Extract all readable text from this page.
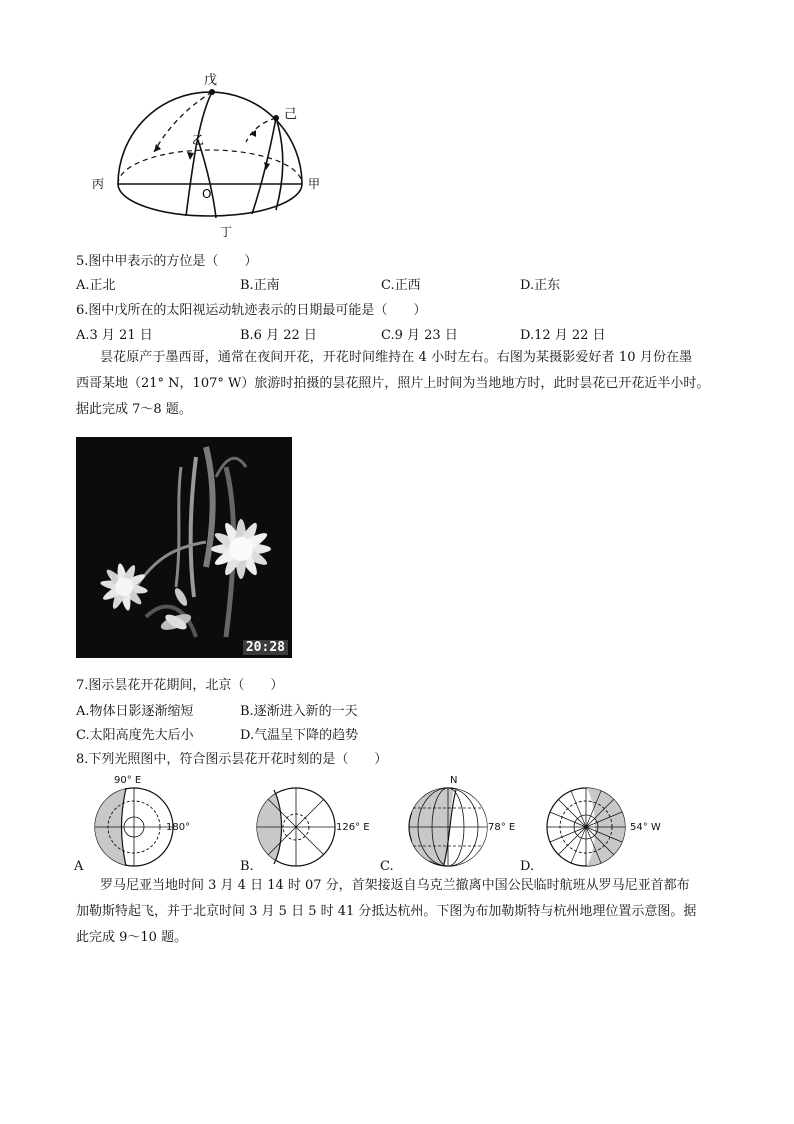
戊
己
乙
丙	甲
O
丁
5.图中甲表示的方位是（　　）
A.正北	B.正南	C.正西	D.正东
6.图中戊所在的太阳视运动轨迹表示的日期最可能是（　　）
A.3 月 21 日	B.6 月 22 日	C.9 月 23 日	D.12 月 22 日
昙花原产于墨西哥，通常在夜间开花，开花时间维持在 4 小时左右。右图为某摄影爱好者 10 月份在墨
西哥某地（21° N，107° W）旅游时拍摄的昙花照片，照片上时间为当地地方时，此时昙花已开花近半小时。
据此完成 7～8 题。
20:28
7.图示昙花开花期间，北京（　　）
A.物体日影逐渐缩短	B.逐渐进入新的一天
C.太阳高度先大后小	D.气温呈下降的趋势
8.下列光照图中，符合图示昙花开花时刻的是（　　）
90° E
180°
A
126° E
B.
N
78° E
C.
54° W
D.
罗马尼亚当地时间 3 月 4 日 14 时 07 分，首架接返自乌克兰撤离中国公民临时航班从罗马尼亚首都布
加勒斯特起飞，并于北京时间 3 月 5 日 5 时 41 分抵达杭州。下图为布加勒斯特与杭州地理位置示意图。据
此完成 9～10 题。
